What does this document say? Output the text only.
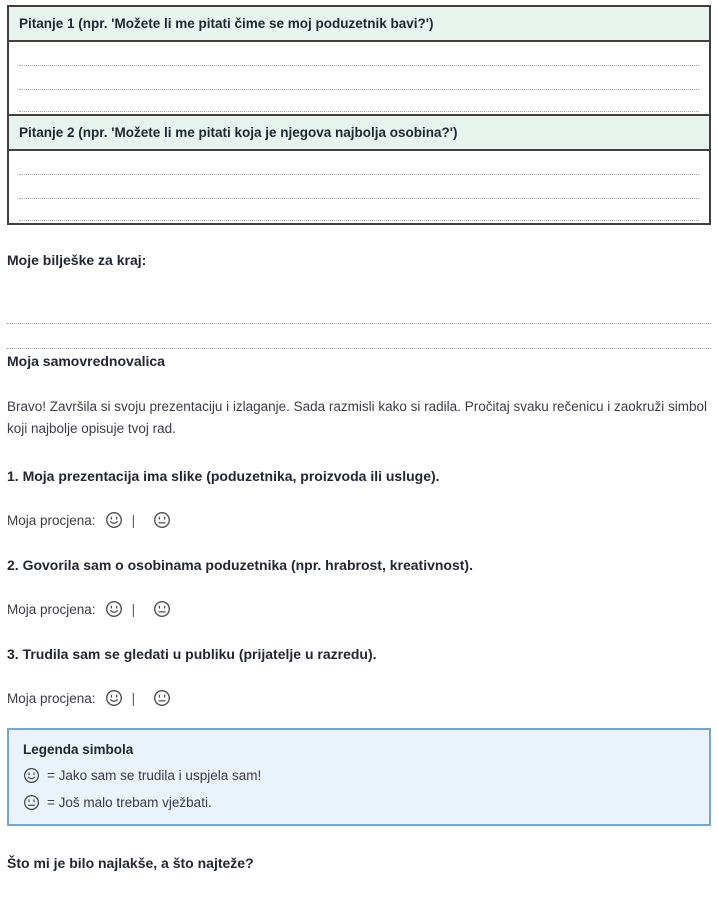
Pitanje 1 (npr. 'Možete li me pitati čime se moj poduzetnik bavi?')
Pitanje 2 (npr. 'Možete li me pitati koja je njegova najbolja osobina?')
Moje bilješke za kraj:
Moja samovrednovalica

Bravo! Završila si svoju prezentaciju i izlaganje. Sada razmisli kako si radila. Pročitaj svaku rečenicu i zaokruži simbol koji najbolje opisuje tvoj rad.

1. Moja prezentacija ima slike (poduzetnika, proizvoda ili usluge).
Moja procjena:	|
2. Govorila sam o osobinama poduzetnika (npr. hrabrost, kreativnost).
Moja procjena:	|
3. Trudila sam se gledati u publiku (prijatelje u razredu).
Moja procjena:	|
Legenda simbola
= Jako sam se trudila i uspjela sam!
= Još malo trebam vježbati.
Što mi je bilo najlakše, a što najteže?
